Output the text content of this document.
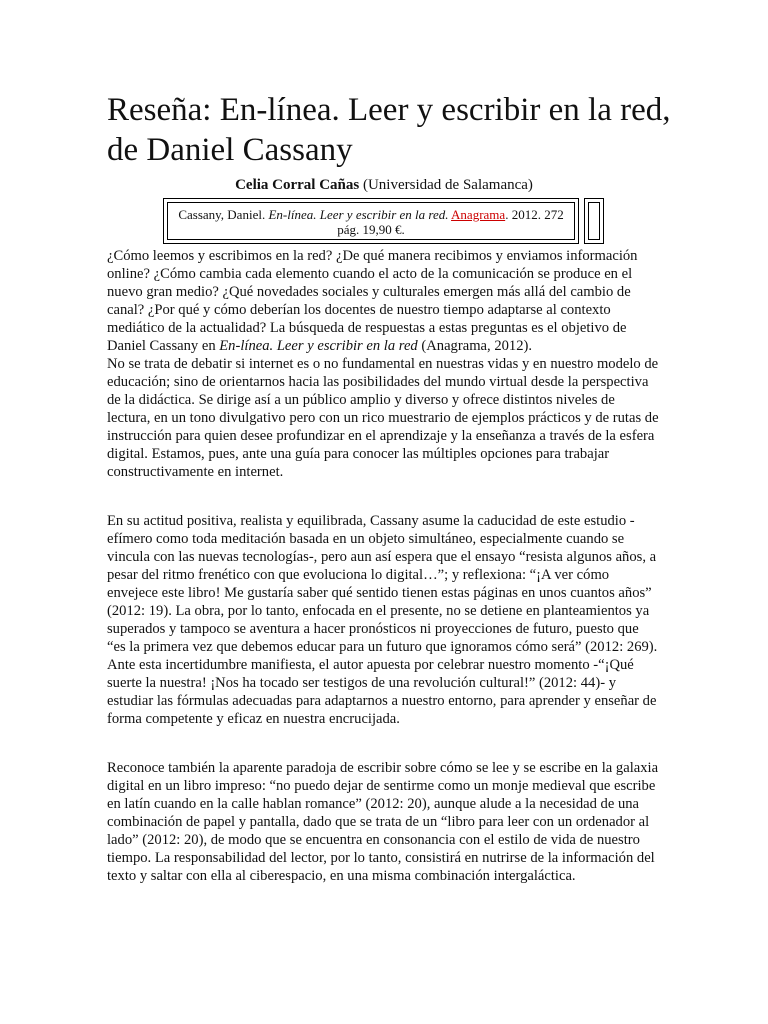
Reseña: En-línea. Leer y escribir en la red, de Daniel Cassany
Celia Corral Cañas (Universidad de Salamanca)
Cassany, Daniel. En-línea. Leer y escribir en la red. Anagrama. 2012. 272 pág. 19,90 €.

¿Cómo leemos y escribimos en la red? ¿De qué manera recibimos y enviamos información online? ¿Cómo cambia cada elemento cuando el acto de la comunicación se produce en el nuevo gran medio? ¿Qué novedades sociales y culturales emergen más allá del cambio de canal? ¿Por qué y cómo deberían los docentes de nuestro tiempo adaptarse al contexto mediático de la actualidad? La búsqueda de respuestas a estas preguntas es el objetivo de Daniel Cassany en En-línea. Leer y escribir en la red (Anagrama, 2012).

No se trata de debatir si internet es o no fundamental en nuestras vidas y en nuestro modelo de educación; sino de orientarnos hacia las posibilidades del mundo virtual desde la perspectiva de la didáctica. Se dirige así a un público amplio y diverso y ofrece distintos niveles de lectura, en un tono divulgativo pero con un rico muestrario de ejemplos prácticos y de rutas de instrucción para quien desee profundizar en el aprendizaje y la enseñanza a través de la esfera digital. Estamos, pues, ante una guía para conocer las múltiples opciones para trabajar constructivamente en internet.

En su actitud positiva, realista y equilibrada, Cassany asume la caducidad de este estudio -efímero como toda meditación basada en un objeto simultáneo, especialmente cuando se vincula con las nuevas tecnologías-, pero aun así espera que el ensayo “resista algunos años, a pesar del ritmo frenético con que evoluciona lo digital…”; y reflexiona: “¡A ver cómo envejece este libro! Me gustaría saber qué sentido tienen estas páginas en unos cuantos años” (2012: 19). La obra, por lo tanto, enfocada en el presente, no se detiene en planteamientos ya superados y tampoco se aventura a hacer pronósticos ni proyecciones de futuro, puesto que “es la primera vez que debemos educar para un futuro que ignoramos cómo será” (2012: 269). Ante esta incertidumbre manifiesta, el autor apuesta por celebrar nuestro momento -“¡Qué suerte la nuestra! ¡Nos ha tocado ser testigos de una revolución cultural!” (2012: 44)- y estudiar las fórmulas adecuadas para adaptarnos a nuestro entorno, para aprender y enseñar de forma competente y eficaz en nuestra encrucijada.

Reconoce también la aparente paradoja de escribir sobre cómo se lee y se escribe en la galaxia digital en un libro impreso: “no puedo dejar de sentirme como un monje medieval que escribe en latín cuando en la calle hablan romance” (2012: 20), aunque alude a la necesidad de una combinación de papel y pantalla, dado que se trata de un “libro para leer con un ordenador al lado” (2012: 20), de modo que se encuentra en consonancia con el estilo de vida de nuestro tiempo. La responsabilidad del lector, por lo tanto, consistirá en nutrirse de la información del texto y saltar con ella al ciberespacio, en una misma combinación intergaláctica.
